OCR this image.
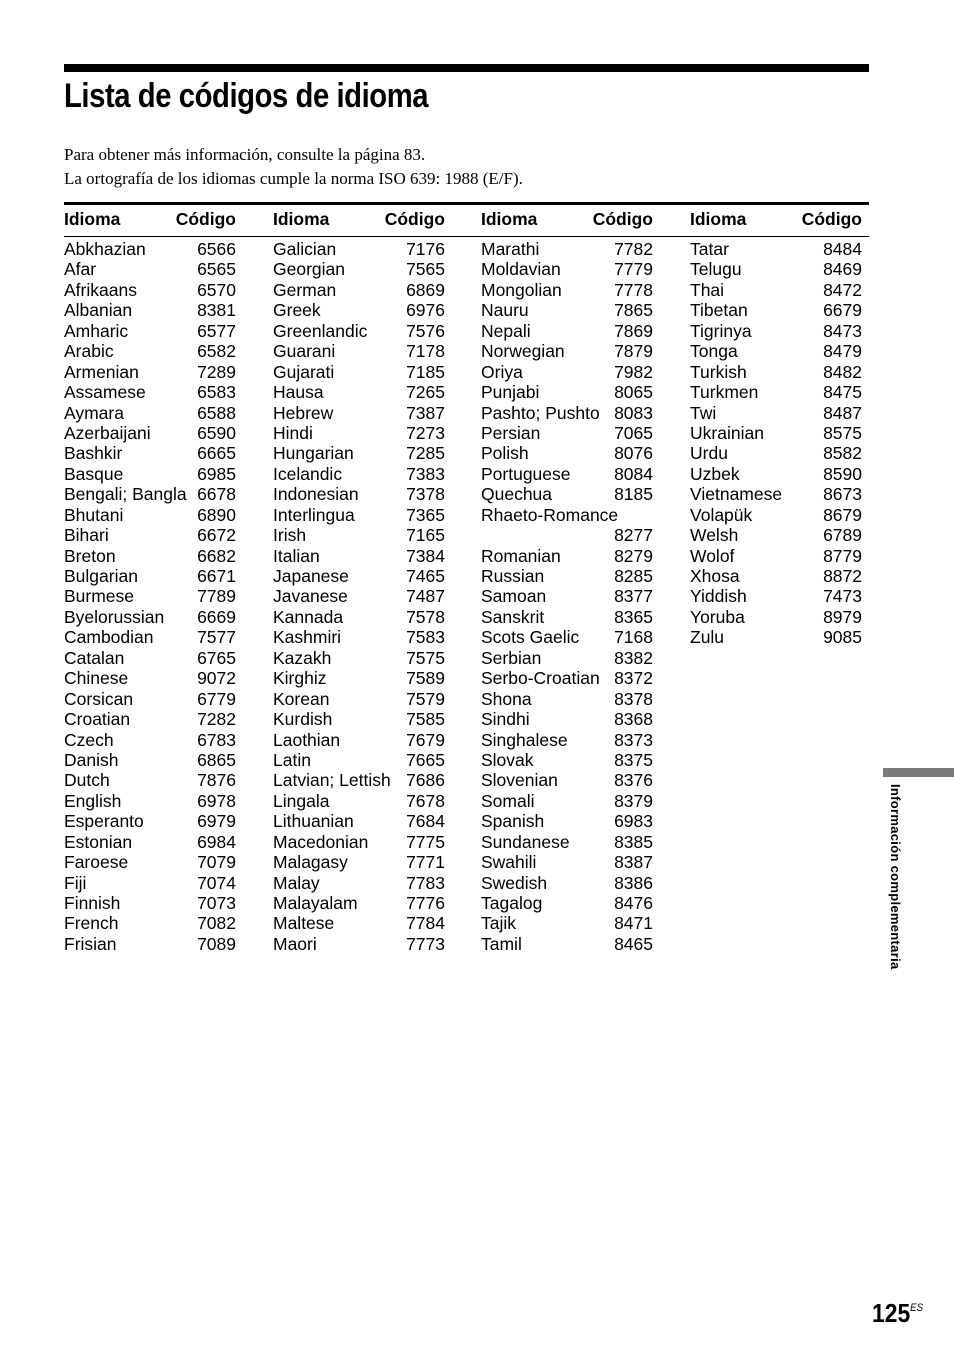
Lista de códigos de idioma
Para obtener más información, consulte la página 83.
La ortografía de los idiomas cumple la norma ISO 639: 1988 (E/F).
Idioma	Código
Abkhazian	6566
Afar	6565
Afrikaans	6570
Albanian	8381
Amharic	6577
Arabic	6582
Armenian	7289
Assamese	6583
Aymara	6588
Azerbaijani	6590
Bashkir	6665
Basque	6985
Bengali; Bangla 6678
Bhutani	6890
Bihari	6672
Breton	6682
Bulgarian	6671
Burmese	7789
Byelorussian 6669
Cambodian 7577
Catalan	6765
Chinese	9072
Corsican	6779
Croatian	7282
Czech	6783
Danish	6865
Dutch	7876
English	6978
Esperanto	6979
Estonian	6984
Faroese	7079
Fiji	7074
Finnish	7073
French	7082
Frisian	7089
Idioma	Código
Galician	7176
Georgian	7565
German	6869
Greek	6976
Greenlandic 7576
Guarani	7178
Gujarati	7185
Hausa	7265
Hebrew	7387
Hindi	7273
Hungarian	7285
Icelandic	7383
Indonesian	7378
Interlingua	7365
Irish	7165
Italian	7384
Japanese	7465
Javanese	7487
Kannada	7578
Kashmiri	7583
Kazakh	7575
Kirghiz	7589
Korean	7579
Kurdish	7585
Laothian	7679
Latin	7665
Latvian; Lettish 7686
Lingala	7678
Lithuanian	7684
Macedonian 7775
Malagasy	7771
Malay	7783
Malayalam	7776
Maltese	7784
Maori	7773
Idioma	Código
Marathi	7782
Moldavian	7779
Mongolian	7778
Nauru	7865
Nepali	7869
Norwegian	7879
Oriya	7982
Punjabi	8065
Pashto; Pushto 8083
Persian	7065
Polish	8076
Portuguese 8084
Quechua	8185
Rhaeto-Romance
8277
Romanian	8279
Russian	8285
Samoan	8377
Sanskrit	8365
Scots Gaelic 7168
Serbian	8382
Serbo-Croatian 8372
Shona	8378
Sindhi	8368
Singhalese	8373
Slovak	8375
Slovenian	8376
Somali	8379
Spanish	6983
Sundanese	8385
Swahili	8387
Swedish	8386
Tagalog	8476
Tajik	8471
Tamil	8465
Idioma	Código
Tatar	8484
Telugu	8469
Thai	8472
Tibetan	6679
Tigrinya	8473
Tonga	8479
Turkish	8482
Turkmen	8475
Twi	8487
Ukrainian	8575
Urdu	8582
Uzbek	8590
Vietnamese 8673
Volapük	8679
Welsh	6789
Wolof	8779
Xhosa	8872
Yiddish	7473
Yoruba	8979
Zulu	9085
Información complementaria
$125^{ES}$
